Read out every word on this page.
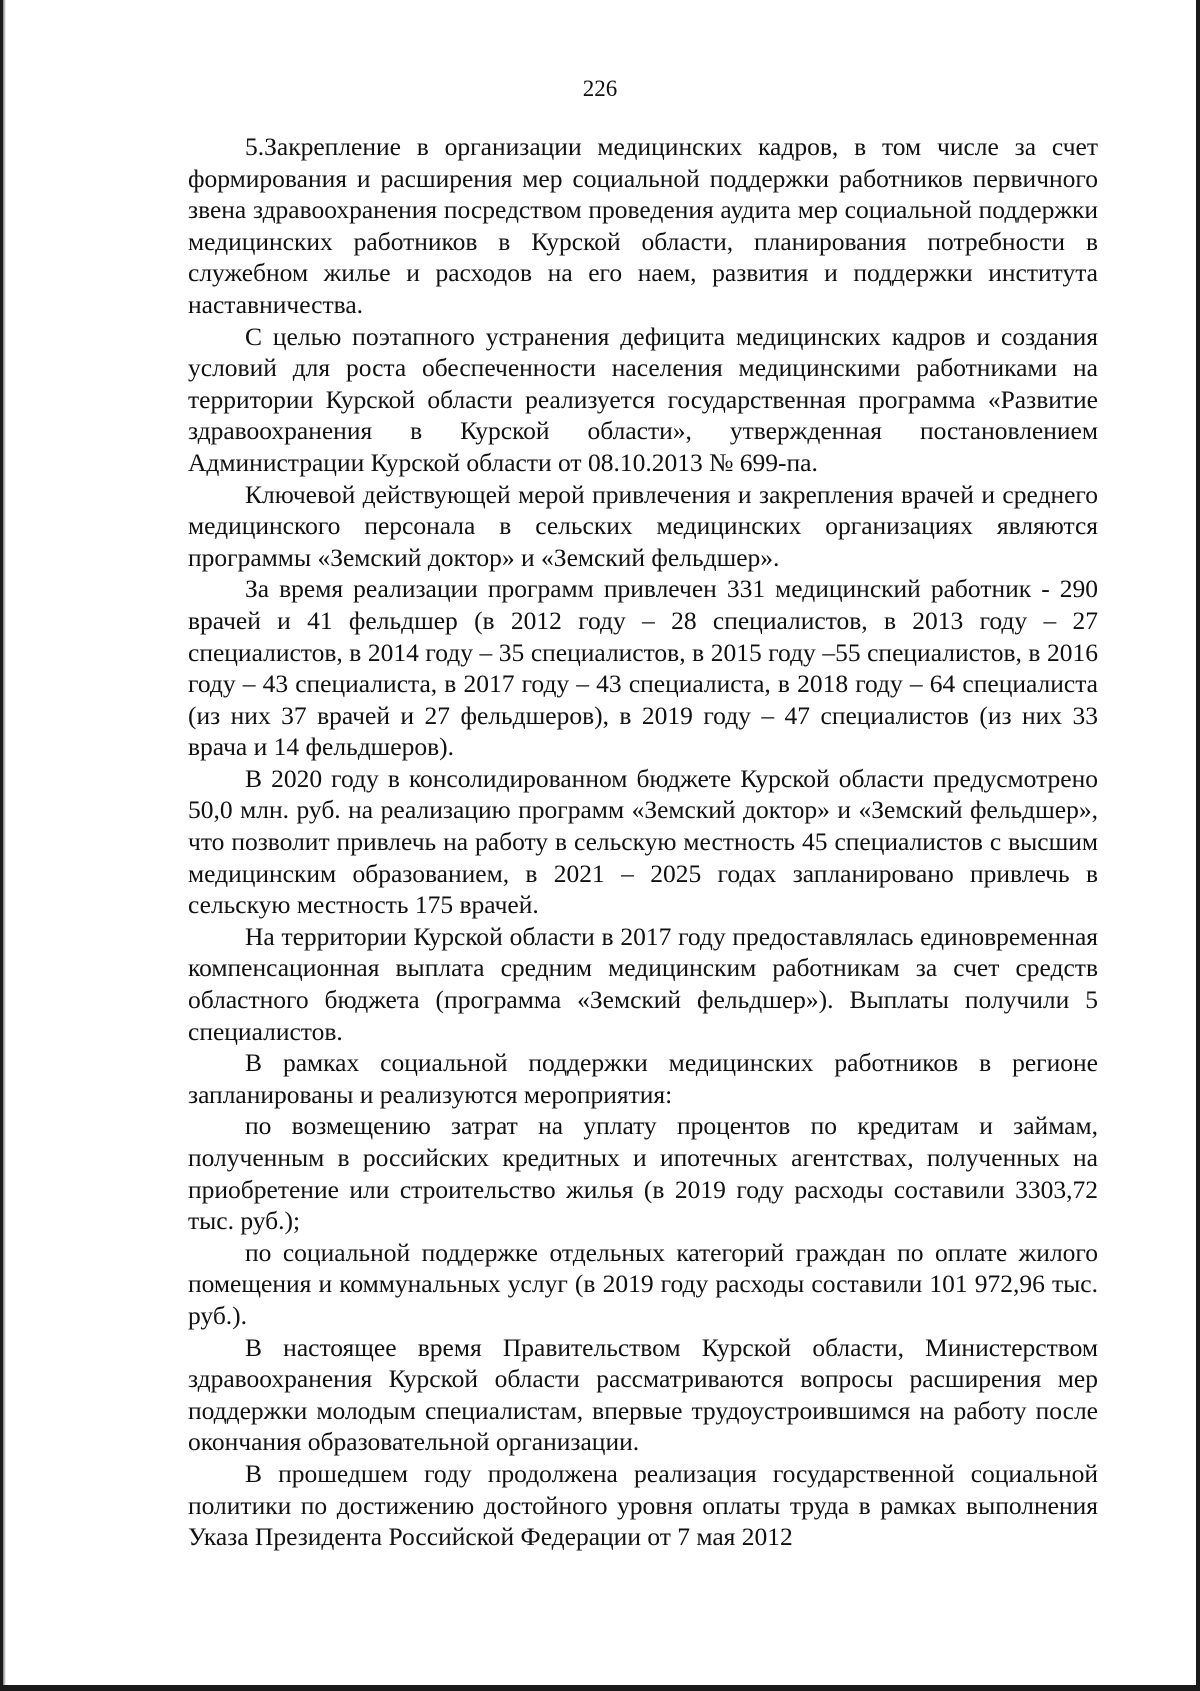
226

5.Закрепление в организации медицинских кадров, в том числе за счет формирования и расширения мер социальной поддержки работников первичного звена здравоохранения посредством проведения аудита мер социальной поддержки медицинских работников в Курской области, планирования потребности в служебном жилье и расходов на его наем, развития и поддержки института наставничества.

С целью поэтапного устранения дефицита медицинских кадров и создания условий для роста обеспеченности населения медицинскими работниками на территории Курской области реализуется государственная программа «Развитие здравоохранения в Курской области», утвержденная постановлением Администрации Курской области от 08.10.2013 № 699-па.

Ключевой действующей мерой привлечения и закрепления врачей и среднего медицинского персонала в сельских медицинских организациях являются программы «Земский доктор» и «Земский фельдшер».

За время реализации программ привлечен 331 медицинский работник - 290 врачей и 41 фельдшер (в 2012 году – 28 специалистов, в 2013 году – 27 специалистов, в 2014 году – 35 специалистов, в 2015 году –55 специалистов, в 2016 году – 43 специалиста, в 2017 году – 43 специалиста, в 2018 году – 64 специалиста (из них 37 врачей и 27 фельдшеров), в 2019 году – 47 специалистов (из них 33 врача и 14 фельдшеров).

В 2020 году в консолидированном бюджете Курской области предусмотрено 50,0 млн. руб. на реализацию программ «Земский доктор» и «Земский фельдшер», что позволит привлечь на работу в сельскую местность 45 специалистов с высшим медицинским образованием, в 2021 – 2025 годах запланировано привлечь в сельскую местность 175 врачей.

На территории Курской области в 2017 году предоставлялась единовременная компенсационная выплата средним медицинским работникам за счет средств областного бюджета (программа «Земский фельдшер»). Выплаты получили 5 специалистов.

В рамках социальной поддержки медицинских работников в регионе запланированы и реализуются мероприятия:

по возмещению затрат на уплату процентов по кредитам и займам, полученным в российских кредитных и ипотечных агентствах, полученных на приобретение или строительство жилья (в 2019 году расходы составили 3303,72 тыс. руб.);

по социальной поддержке отдельных категорий граждан по оплате жилого помещения и коммунальных услуг (в 2019 году расходы составили 101 972,96 тыс. руб.).

В настоящее время Правительством Курской области, Министерством здравоохранения Курской области рассматриваются вопросы расширения мер поддержки молодым специалистам, впервые трудоустроившимся на работу после окончания образовательной организации.

В прошедшем году продолжена реализация государственной социальной политики по достижению достойного уровня оплаты труда в рамках выполнения Указа Президента Российской Федерации от 7 мая 2012
